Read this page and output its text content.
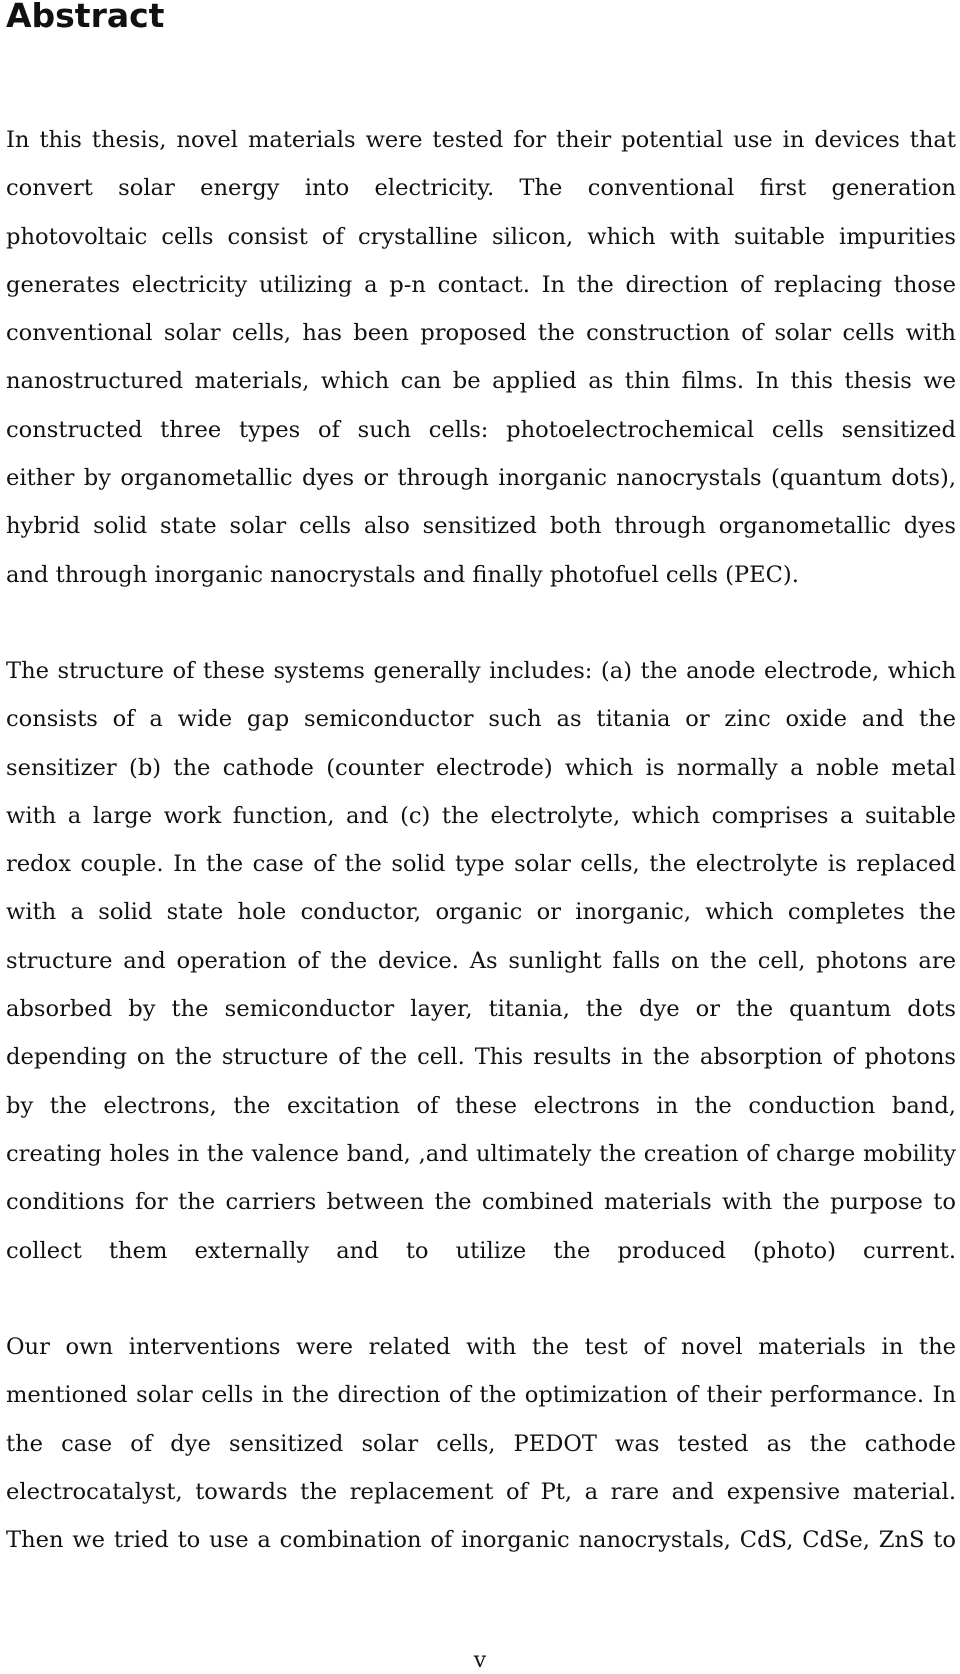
Abstract
In this thesis, novel materials were tested for their potential use in devices that
convert solar energy into electricity. The conventional first generation
photovoltaic cells consist of crystalline silicon, which with suitable impurities
generates electricity utilizing a p-n contact. In the direction of replacing those
conventional solar cells, has been proposed the construction of solar cells with
nanostructured materials, which can be applied as thin films. In this thesis we
constructed three types of such cells: photoelectrochemical cells sensitized
either by organometallic dyes or through inorganic nanocrystals (quantum dots),
hybrid solid state solar cells also sensitized both through organometallic dyes
and through inorganic nanocrystals and finally photofuel cells (PEC).
The structure of these systems generally includes: (a) the anode electrode, which
consists of a wide gap semiconductor such as titania or zinc oxide and the
sensitizer (b) the cathode (counter electrode) which is normally a noble metal
with a large work function, and (c) the electrolyte, which comprises a suitable
redox couple. In the case of the solid type solar cells, the electrolyte is replaced
with a solid state hole conductor, organic or inorganic, which completes the
structure and operation of the device. As sunlight falls on the cell, photons are
absorbed by the semiconductor layer, titania, the dye or the quantum dots
depending on the structure of the cell. This results in the absorption of photons
by the electrons, the excitation of these electrons in the conduction band,
creating holes in the valence band, ,and ultimately the creation of charge mobility
conditions for the carriers between the combined materials with the purpose to
collect them externally and to utilize the produced (photo) current.
Our own interventions were related with the test of novel materials in the
mentioned solar cells in the direction of the optimization of their performance. In
the case of dye sensitized solar cells, PEDOT was tested as the cathode
electrocatalyst, towards the replacement of Pt, a rare and expensive material.
Then we tried to use a combination of inorganic nanocrystals, CdS, CdSe, ZnS to
v
